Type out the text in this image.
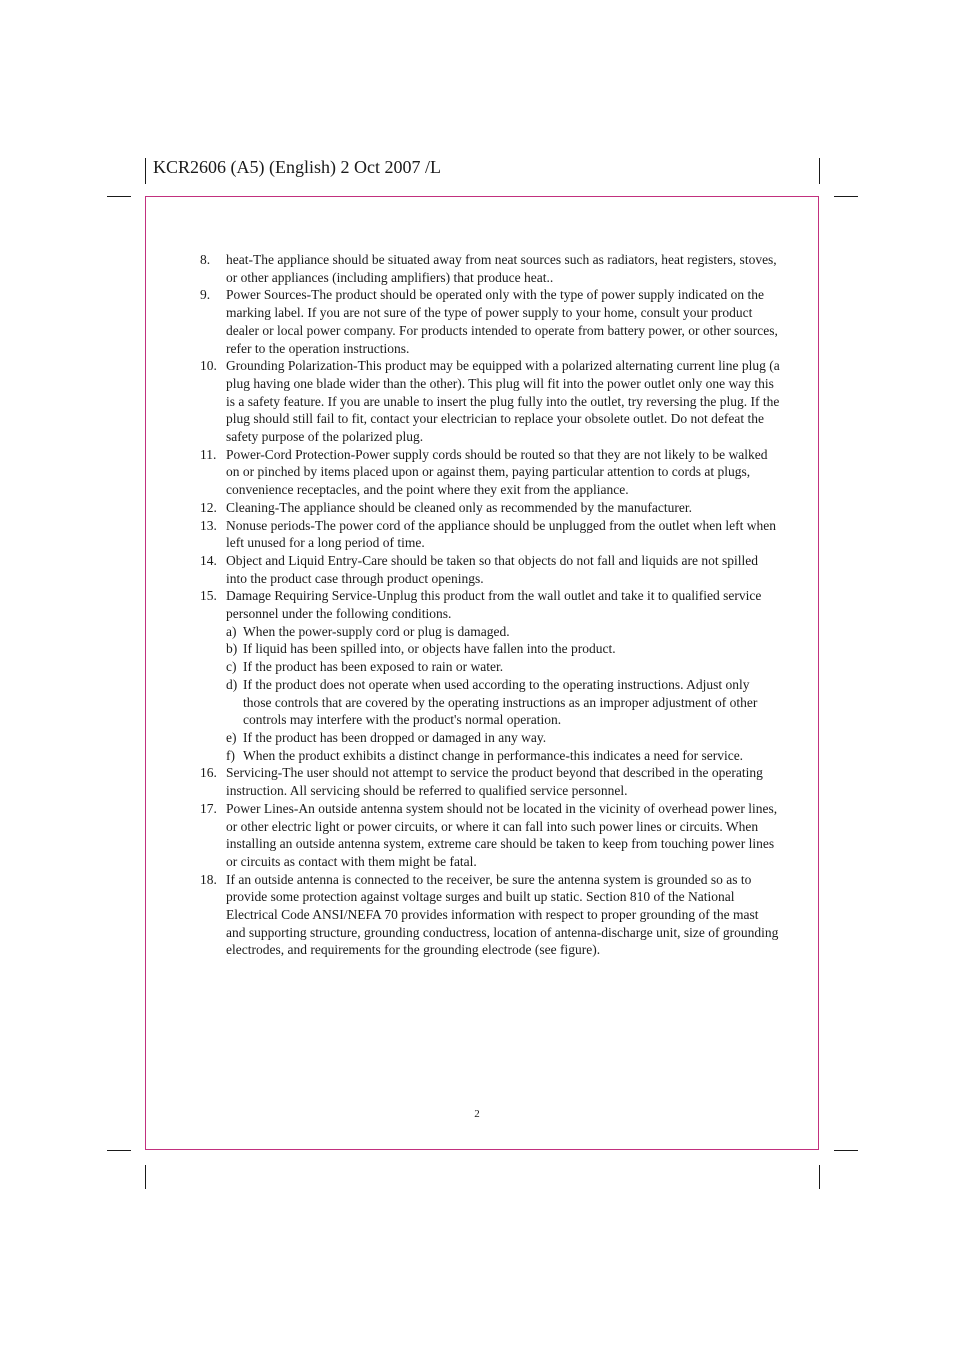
KCR2606 (A5) (English) 2 Oct 2007 /L
8.	heat-The appliance should be situated away from neat sources such as radiators, heat registers, stoves, or other appliances (including amplifiers) that produce heat..
9.	Power Sources-The product should be operated only with the type of power supply indicated on the marking label. If you are not sure of the type of power supply to your home, consult your product dealer or local power company. For products intended to operate from battery power, or other sources, refer to the operation instructions.
10. Grounding Polarization-This product may be equipped with a polarized alternating current line plug (a plug having one blade wider than the other). This plug will fit into the power outlet only one way this is a safety feature. If you are unable to insert the plug fully into the outlet, try reversing the plug. If the plug should still fail to fit, contact your electrician to replace your obsolete outlet. Do not defeat the safety purpose of the polarized plug.
11. Power-Cord Protection-Power supply cords should be routed so that they are not likely to be walked on or pinched by items placed upon or against them, paying particular attention to cords at plugs, convenience receptacles, and the point where they exit from the appliance.
12. Cleaning-The appliance should be cleaned only as recommended by the manufacturer.
13. Nonuse periods-The power cord of the appliance should be unplugged from the outlet when left when left unused for a long period of time.
14. Object and Liquid Entry-Care should be taken so that objects do not fall and liquids are not spilled into the product case through product openings.
15. Damage Requiring Service-Unplug this product from the wall outlet and take it to qualified service personnel under the following conditions.
a) When the power-supply cord or plug is damaged.
b) If liquid has been spilled into, or objects have fallen into the product.
c) If the product has been exposed to rain or water.
d) If the product does not operate when used according to the operating instructions. Adjust only those controls that are covered by the operating instructions as an improper adjustment of other controls may interfere with the product's normal operation.
e) If the product has been dropped or damaged in any way.
f) When the product exhibits a distinct change in performance-this indicates a need for service.
16. Servicing-The user should not attempt to service the product beyond that described in the operating instruction. All servicing should be referred to qualified service personnel.
17. Power Lines-An outside antenna system should not be located in the vicinity of overhead power lines, or other electric light or power circuits, or where it can fall into such power lines or circuits. When installing an outside antenna system, extreme care should be taken to keep from touching power lines or circuits as contact with them might be fatal.
18. If an outside antenna is connected to the receiver, be sure the antenna system is grounded so as to provide some protection against voltage surges and built up static. Section 810 of the National Electrical Code ANSI/NEFA 70 provides information with respect to proper grounding of the mast and supporting structure, grounding conductress, location of antenna-discharge unit, size of grounding electrodes, and requirements for the grounding electrode (see figure).
2
